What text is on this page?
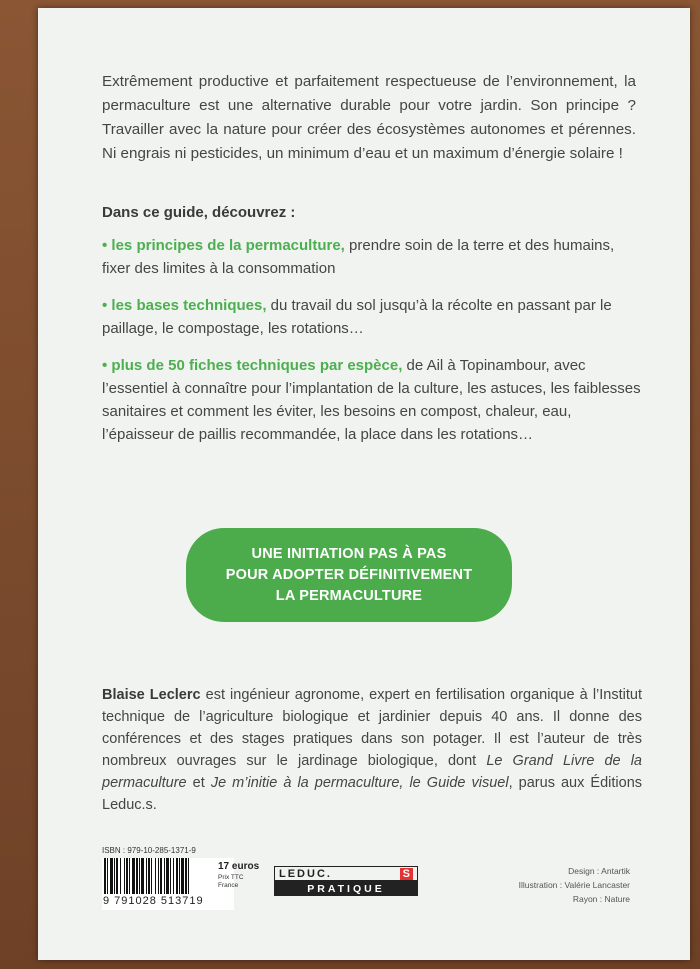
Extrêmement productive et parfaitement respectueuse de l’environnement, la permaculture est une alternative durable pour votre jardin. Son principe ? Travailler avec la nature pour créer des écosystèmes autonomes et pérennes. Ni engrais ni pesticides, un minimum d’eau et un maximum d’énergie solaire !

Dans ce guide, découvrez :
• les principes de la permaculture, prendre soin de la terre et des humains, fixer des limites à la consommation
• les bases techniques, du travail du sol jusqu’à la récolte en passant par le paillage, le compostage, les rotations…
• plus de 50 fiches techniques par espèce, de Ail à Topinambour, avec l’essentiel à connaître pour l’implantation de la culture, les astuces, les faiblesses sanitaires et comment les éviter, les besoins en compost, chaleur, eau, l’épaisseur de paillis recommandée, la place dans les rotations…
UNE INITIATION PAS À PAS
POUR ADOPTER DÉFINITIVEMENT
LA PERMACULTURE

Blaise Leclerc est ingénieur agronome, expert en fertilisation organique à l’Institut technique de l’agriculture biologique et jardinier depuis 40 ans. Il donne des conférences et des stages pratiques dans son potager. Il est l’auteur de très nombreux ouvrages sur le jardinage biologique, dont Le Grand Livre de la permaculture et Je m’initie à la permaculture, le Guide visuel, parus aux Éditions Leduc.s.

ISBN : 979-10-285-1371-9
9 791028 513719
17 euros
Prix TTC
France
LEDUC.	S
PRATIQUE
Design : Antartik
Illustration : Valérie Lancaster
Rayon : Nature
